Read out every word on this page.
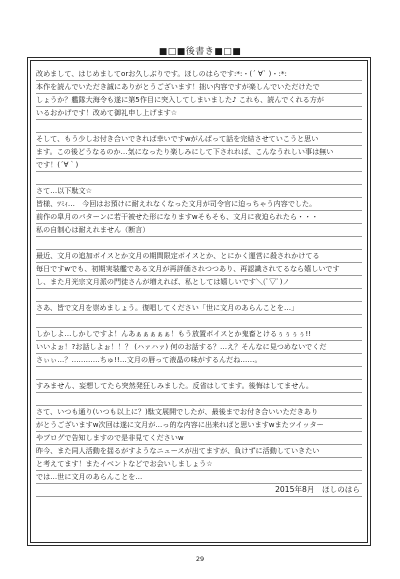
■□■後書き■□■
改めまして、はじめましてorお久しぶりです。ほしのはらです:*:・(´ ∀` )・:*:
本作を読んでいただき誠にありがとうございます！拙い内容ですが楽しんでいただけたで
しょうか？艦隊大海令も遂に第5作目に突入してしまいました♪ これも、読んでくれる方が
いるおかげです！改めて御礼申し上げます☆
そして、もう少しお付き合いできれば幸いですwがんばって話を完結させていこうと思い
ます。この後どうなるのか…気になったり楽しみにして下されれば、こんなうれしい事は無い
です！(´∀｀)
さて…以下駄文☆
皆様、ﾂﾐｨ…　今回はお預けに耐えれなくなった文月が司令官に迫っちゃう内容でした。
前作の皐月のパターンに若干被せた形になりますwそもそも、文月に夜迫られたら・・・
私の自制心は耐えれません（断言）
最近、文月の追加ボイスとか文月の期間限定ボイスとか、とにかく運営に殺されかけてる
毎日ですwでも、初期実装艦である文月が再評価されつつあり、再認識されてるなら嬉しいです
し、また月光宗文月派の門徒さんが増えれば、私としては嬉しいです＼(ﾟ▽ﾟ)ノ
さあ、皆で文月を崇めましょう。復唱してください「世に文月のあらんことを…」
しかしよ…しかしですよ！んあぁぁぁぁぁ！もう放置ボイスとか鬼畜とけるぅぅぅぅ!!
いいよぉ！?お話しよぉ！！？ (ハァハァ) 何のお話する？…え？そんなに見つめないでくだ
さぃぃ…？…………ちゅ!!…文月の唇って液晶の味がするんだね……。
すみません、妄想してたら突然発狂しみました。反省はしてます。後悔はしてません。
さて、いつも通り(いつも以上に？)駄文展開でしたが、最後までお付き合いいただきあり
がとうございますw次回は遂に文月が…っ的な内容に出来ればと思いますwまたツイッター
やブログで告知しますので是非見てくださいw
昨今、また同人活動を揺るがすようなニュースが出てますが、負けずに活動していきたい
と考えてます！またイベントなどでお会いしましょう☆
では…世に文月のあらんことを…
2015年8月　ほしのはら
29
